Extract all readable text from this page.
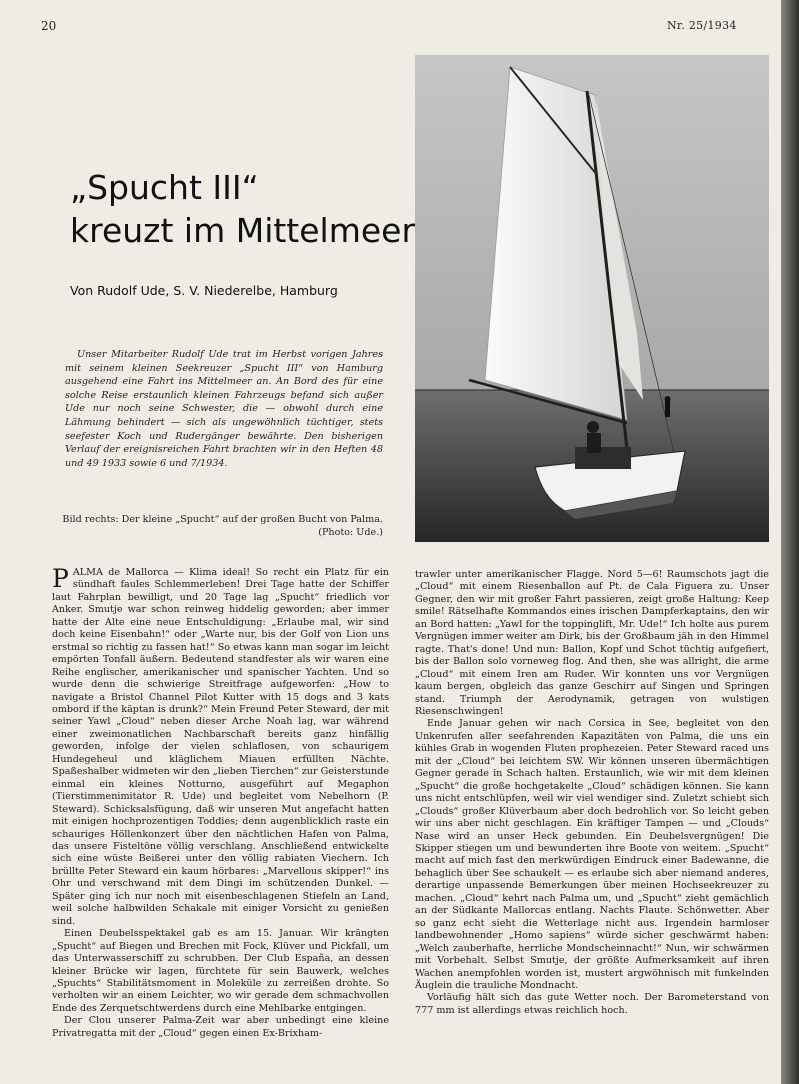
20	Nr. 25/1934
„Spucht III“
kreuzt im Mittelmeer
Von Rudolf Ude, S. V. Niederelbe, Hamburg

Unser Mitarbeiter Rudolf Ude trat im Herbst vorigen Jahres mit seinem kleinen Seekreuzer „Spucht III“ von Hamburg ausgehend eine Fahrt ins Mittelmeer an. An Bord des für eine solche Reise erstaunlich kleinen Fahrzeugs befand sich außer Ude nur noch seine Schwester, die — obwohl durch eine Lähmung behindert — sich als ungewöhnlich tüchtiger, stets seefester Koch und Rudergänger bewährte. Den bisherigen Verlauf der ereignisreichen Fahrt brachten wir in den Heften 48 und 49 1933 sowie 6 und 7/1934.

Bild rechts: Der kleine „Spucht“ auf der großen Bucht von Palma.
(Photo: Ude.)

PALMA de Mallorca — Klima ideal! So recht ein Platz für ein sündhaft faules Schlemmerleben! Drei Tage hatte der Schiffer laut Fahrplan bewilligt, und 20 Tage lag „Spucht“ friedlich vor Anker. Smutje war schon reinweg hiddelig geworden; aber immer hatte der Alte eine neue Entschuldigung: „Erlaube mal, wir sind doch keine Eisenbahn!“ oder „Warte nur, bis der Golf von Lion uns erstmal so richtig zu fassen hat!“ So etwas kann man sogar im leicht empörten Tonfall äußern. Bedeutend standfester als wir waren eine Reihe englischer, amerikanischer und spanischer Yachten. Und so wurde denn die schwierige Streitfrage aufgeworfen: „How to navigate a Bristol Channel Pilot Kutter with 15 dogs and 3 kats ombord if the käptan is drunk?“ Mein Freund Peter Steward, der mit seiner Yawl „Cloud“ neben dieser Arche Noah lag, war während einer zweimonatlichen Nachbarschaft bereits ganz hinfällig geworden, infolge der vielen schlaflosen, von schaurigem Hundegeheul und kläglichem Miauen erfüllten Nächte. Spaßeshalber widmeten wir den „lieben Tierchen“ zur Geisterstunde einmal ein kleines Notturno, ausgeführt auf Megaphon (Tierstimmenimitator R. Ude) und begleitet vom Nebelhorn (P. Steward). Schicksalsfügung, daß wir unseren Mut angefacht hatten mit einigen hochprozentigen Toddies; denn augenblicklich raste ein schauriges Höllenkonzert über den nächtlichen Hafen von Palma, das unsere Fisteltöne völlig verschlang. Anschließend entwickelte sich eine wüste Beißerei unter den völlig rabiaten Viechern. Ich brüllte Peter Steward ein kaum hörbares: „Marvellous skipper!“ ins Ohr und verschwand mit dem Dingi im schützenden Dunkel. — Später ging ich nur noch mit eisenbeschlagenen Stiefeln an Land, weil solche halbwilden Schakale mit einiger Vorsicht zu genießen sind.

Einen Deubelsspektakel gab es am 15. Januar. Wir krängten „Spucht“ auf Biegen und Brechen mit Fock, Klüver und Pickfall, um das Unterwasserschiff zu schrubben. Der Club España, an dessen kleiner Brücke wir lagen, fürchtete für sein Bauwerk, welches „Spuchts“ Stabilitätsmoment in Moleküle zu zerreißen drohte. So verholten wir an einem Leichter, wo wir gerade dem schmachvollen Ende des Zerquetschtwerdens durch eine Mehlbarke entgingen.

Der Clou unserer Palma-Zeit war aber unbedingt eine kleine Privatregatta mit der „Cloud“ gegen einen Ex-Brixham-

trawler unter amerikanischer Flagge. Nord 5—6! Raumschots jagt die „Cloud“ mit einem Riesenballon auf Pt. de Cala Figuera zu. Unser Gegner, den wir mit großer Fahrt passieren, zeigt große Haltung: Keep smile! Rätselhafte Kommandos eines irischen Dampferkaptains, den wir an Bord hatten: „Yawl for the toppinglift, Mr. Ude!“ Ich holte aus purem Vergnügen immer weiter am Dirk, bis der Großbaum jäh in den Himmel ragte. That's done! Und nun: Ballon, Kopf und Schot tüchtig aufgefiert, bis der Ballon solo vorneweg flog. And then, she was allright, die arme „Cloud“ mit einem Iren am Ruder. Wir konnten uns vor Vergnügen kaum bergen, obgleich das ganze Geschirr auf Singen und Springen stand. Triumph der Aerodynamik, getragen von wulstigen Riesenschwingen!

Ende Januar gehen wir nach Corsica in See, begleitet von den Unkenrufen aller seefahrenden Kapazitäten von Palma, die uns ein kühles Grab in wogenden Fluten prophezeien. Peter Steward raced uns mit der „Cloud“ bei leichtem SW. Wir können unseren übermächtigen Gegner gerade in Schach halten. Erstaunlich, wie wir mit dem kleinen „Spucht“ die große hochgetakelte „Cloud“ schädigen können. Sie kann uns nicht entschlüpfen, weil wir viel wendiger sind. Zuletzt schiebt sich „Clouds“ großer Klüverbaum aber doch bedrohlich vor. So leicht geben wir uns aber nicht geschlagen. Ein kräftiger Tampen — und „Clouds“ Nase wird an unser Heck gebunden. Ein Deubelsvergnügen! Die Skipper stiegen um und bewunderten ihre Boote von weitem. „Spucht“ macht auf mich fast den merkwürdigen Eindruck einer Badewanne, die behaglich über See schaukelt — es erlaube sich aber niemand anderes, derartige unpassende Bemerkungen über meinen Hochseekreuzer zu machen. „Cloud“ kehrt nach Palma um, und „Spucht“ zieht gemächlich an der Südkante Mallorcas entlang. Nachts Flaute. Schönwetter. Aber so ganz echt sieht die Wetterlage nicht aus. Irgendein harmloser landbewohnender „Homo sapiens“ würde sicher geschwärmt haben: „Welch zauberhafte, herrliche Mondscheinnacht!“ Nun, wir schwärmen mit Vorbehalt. Selbst Smutje, der größte Aufmerksamkeit auf ihren Wachen anempfohlen worden ist, mustert argwöhnisch mit funkelnden Äuglein die trauliche Mondnacht.

Vorläufig hält sich das gute Wetter noch. Der Barometerstand von 777 mm ist allerdings etwas reichlich hoch.
